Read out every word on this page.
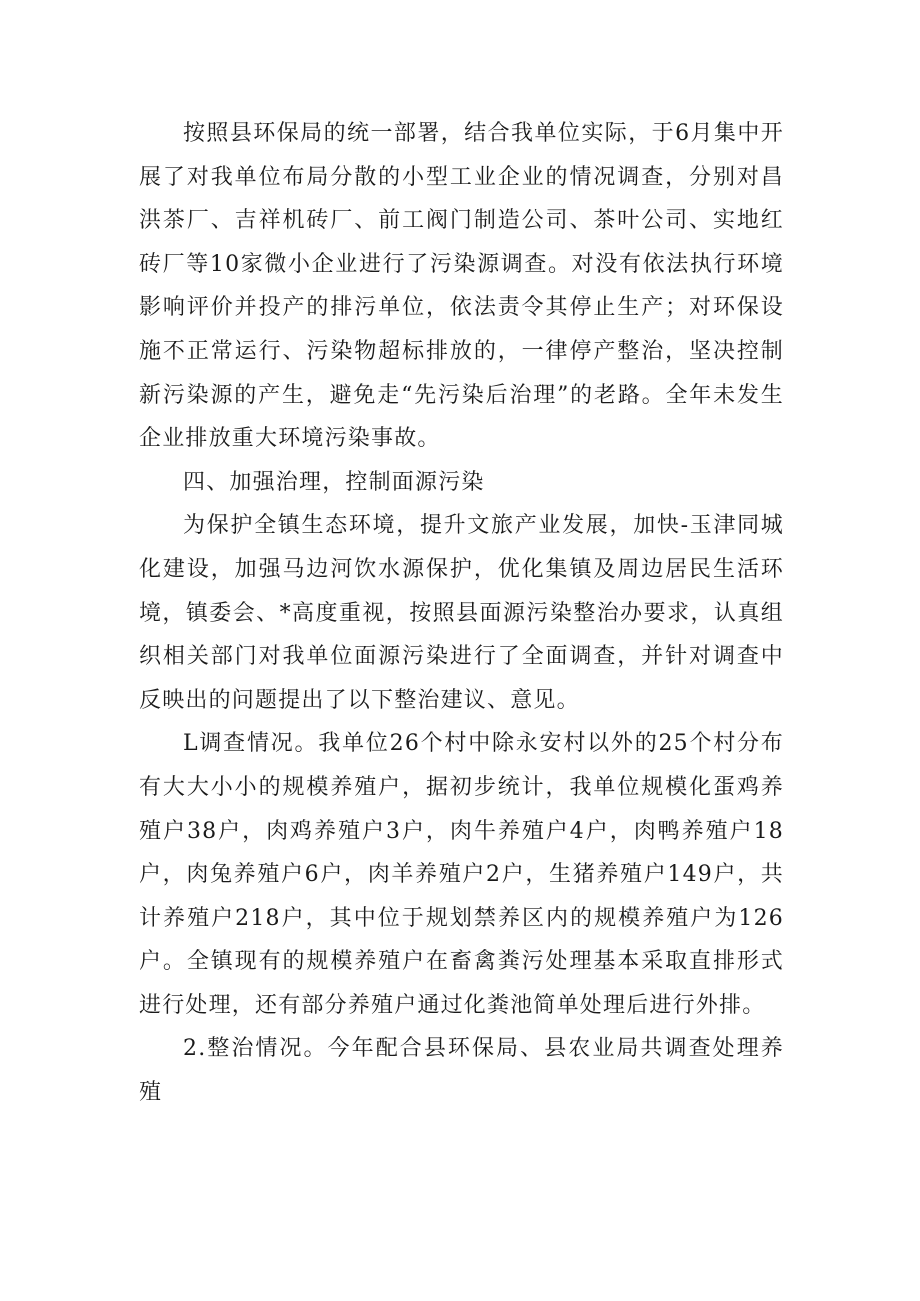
按照县环保局的统一部署，结合我单位实际，于6月集中开展了对我单位布局分散的小型工业企业的情况调查，分别对昌洪茶厂、吉祥机砖厂、前工阀门制造公司、茶叶公司、实地红砖厂等10家微小企业进行了污染源调查。对没有依法执行环境影响评价并投产的排污单位，依法责令其停止生产；对环保设施不正常运行、污染物超标排放的，一律停产整治，坚决控制新污染源的产生，避免走“先污染后治理”的老路。全年未发生企业排放重大环境污染事故。

四、加强治理，控制面源污染

为保护全镇生态环境，提升文旅产业发展，加快-玉津同城化建设，加强马边河饮水源保护，优化集镇及周边居民生活环境，镇委会、*高度重视，按照县面源污染整治办要求，认真组织相关部门对我单位面源污染进行了全面调查，并针对调查中反映出的问题提出了以下整治建议、意见。

L调查情况。我单位26个村中除永安村以外的25个村分布有大大小小的规模养殖户，据初步统计，我单位规模化蛋鸡养殖户38户，肉鸡养殖户3户，肉牛养殖户4户，肉鸭养殖户18户，肉兔养殖户6户，肉羊养殖户2户，生猪养殖户149户，共计养殖户218户，其中位于规划禁养区内的规模养殖户为126户。全镇现有的规模养殖户在畜禽粪污处理基本采取直排形式进行处理，还有部分养殖户通过化粪池简单处理后进行外排。

2.整治情况。今年配合县环保局、县农业局共调查处理养殖
